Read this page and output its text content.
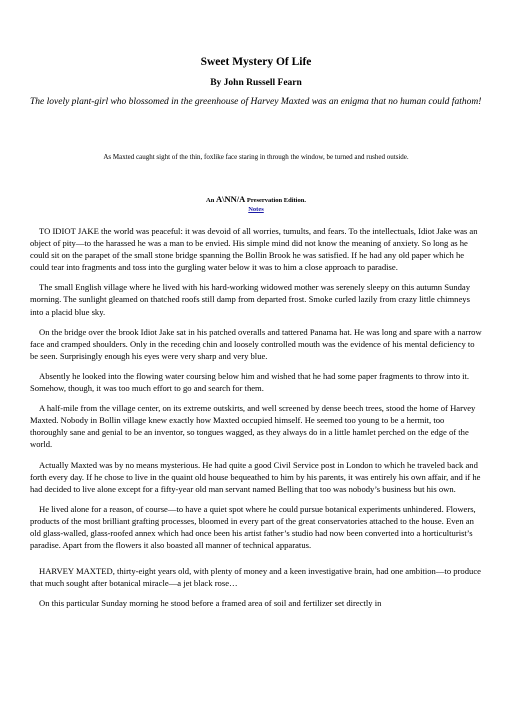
Sweet Mystery Of Life
By John Russell Fearn
The lovely plant-girl who blossomed in the greenhouse of Harvey Maxted was an enigma that no human could fathom!
As Maxted caught sight of the thin, foxlike face staring in through the window, be turned and rushed outside.
An A\NN/A Preservation Edition.
Notes

TO IDIOT JAKE the world was peaceful: it was devoid of all worries, tumults, and fears. To the intellectuals, Idiot Jake was an object of pity—to the harassed he was a man to be envied. His simple mind did not know the meaning of anxiety. So long as he could sit on the parapet of the small stone bridge spanning the Bollin Brook he was satisfied. If he had any old paper which he could tear into fragments and toss into the gurgling water below it was to him a close approach to paradise.

The small English village where he lived with his hard-working widowed mother was serenely sleepy on this autumn Sunday morning. The sunlight gleamed on thatched roofs still damp from departed frost. Smoke curled lazily from crazy little chimneys into a placid blue sky.

On the bridge over the brook Idiot Jake sat in his patched overalls and tattered Panama hat. He was long and spare with a narrow face and cramped shoulders. Only in the receding chin and loosely controlled mouth was the evidence of his mental deficiency to be seen. Surprisingly enough his eyes were very sharp and very blue.

Absently he looked into the flowing water coursing below him and wished that he had some paper fragments to throw into it. Somehow, though, it was too much effort to go and search for them.

A half-mile from the village center, on its extreme outskirts, and well screened by dense beech trees, stood the home of Harvey Maxted. Nobody in Bollin village knew exactly how Maxted occupied himself. He seemed too young to be a hermit, too thoroughly sane and genial to be an inventor, so tongues wagged, as they always do in a little hamlet perched on the edge of the world.

Actually Maxted was by no means mysterious. He had quite a good Civil Service post in London to which he traveled back and forth every day. If he chose to live in the quaint old house bequeathed to him by his parents, it was entirely his own affair, and if he had decided to live alone except for a fifty-year old man servant named Belling that too was nobody’s business but his own.

He lived alone for a reason, of course—to have a quiet spot where he could pursue botanical experiments unhindered. Flowers, products of the most brilliant grafting processes, bloomed in every part of the great conservatories attached to the house. Even an old glass-walled, glass-roofed annex which had once been his artist father’s studio had now been converted into a horticulturist’s paradise. Apart from the flowers it also boasted all manner of technical apparatus.

HARVEY MAXTED, thirty-eight years old, with plenty of money and a keen investigative brain, had one ambition—to produce that much sought after botanical miracle—a jet black rose…

On this particular Sunday morning he stood before a framed area of soil and fertilizer set directly in
